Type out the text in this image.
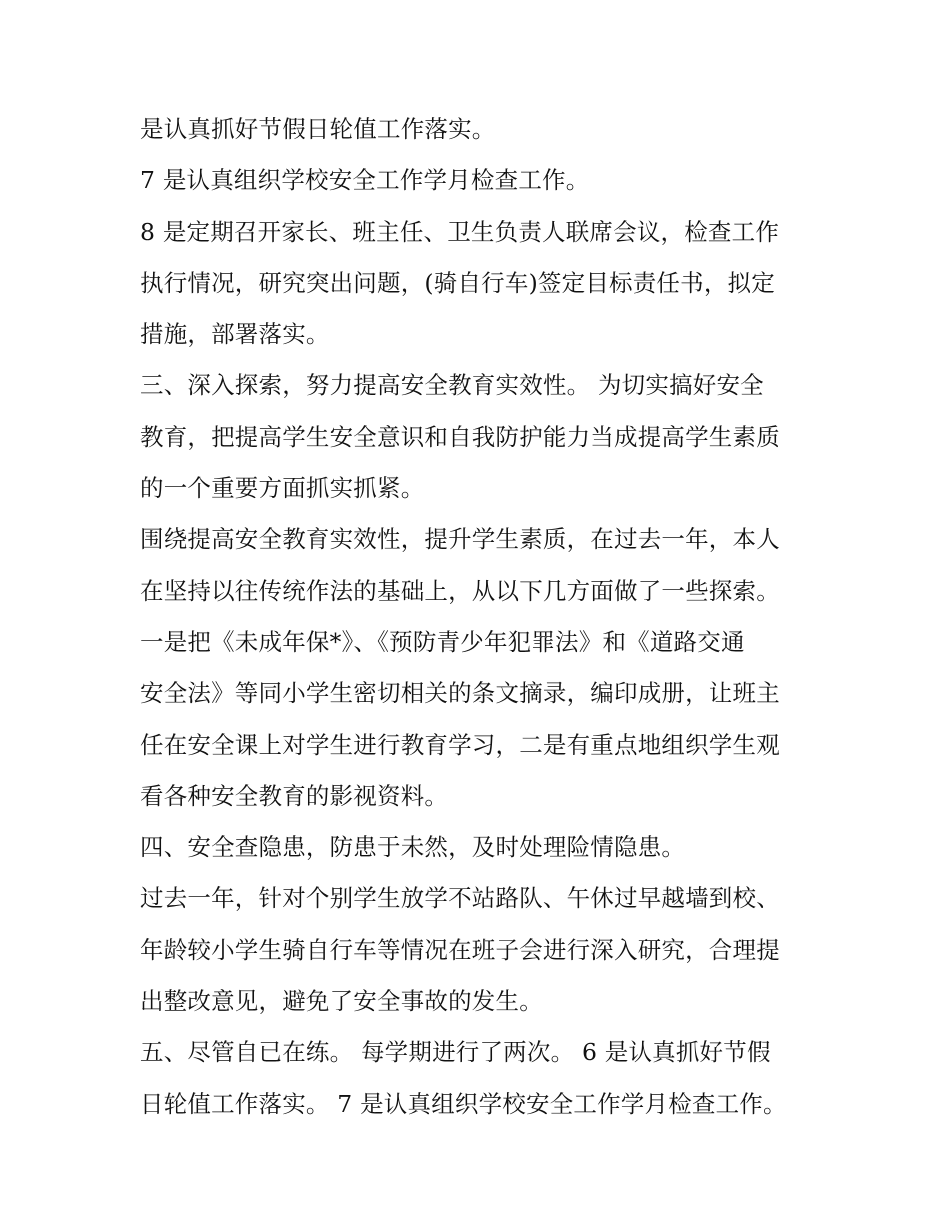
是认真抓好节假日轮值工作落实。
7 是认真组织学校安全工作学月检查工作。
8 是定期召开家长、班主任、卫生负责人联席会议，检查工作
执行情况，研究突出问题，(骑自行车)签定目标责任书，拟定
措施，部署落实。
三、深入探索，努力提高安全教育实效性。 为切实搞好安全
教育，把提高学生安全意识和自我防护能力当成提高学生素质
的一个重要方面抓实抓紧。
围绕提高安全教育实效性，提升学生素质，在过去一年，本人
在坚持以往传统作法的基础上，从以下几方面做了一些探索。
一是把《未成年保*》、《预防青少年犯罪法》和《道路交通
安全法》等同小学生密切相关的条文摘录，编印成册，让班主
任在安全课上对学生进行教育学习，二是有重点地组织学生观
看各种安全教育的影视资料。
四、安全查隐患，防患于未然，及时处理险情隐患。
过去一年，针对个别学生放学不站路队、午休过早越墙到校、
年龄较小学生骑自行车等情况在班子会进行深入研究，合理提
出整改意见，避免了安全事故的发生。
五、尽管自已在练。 每学期进行了两次。 6 是认真抓好节假
日轮值工作落实。 7 是认真组织学校安全工作学月检查工作。
